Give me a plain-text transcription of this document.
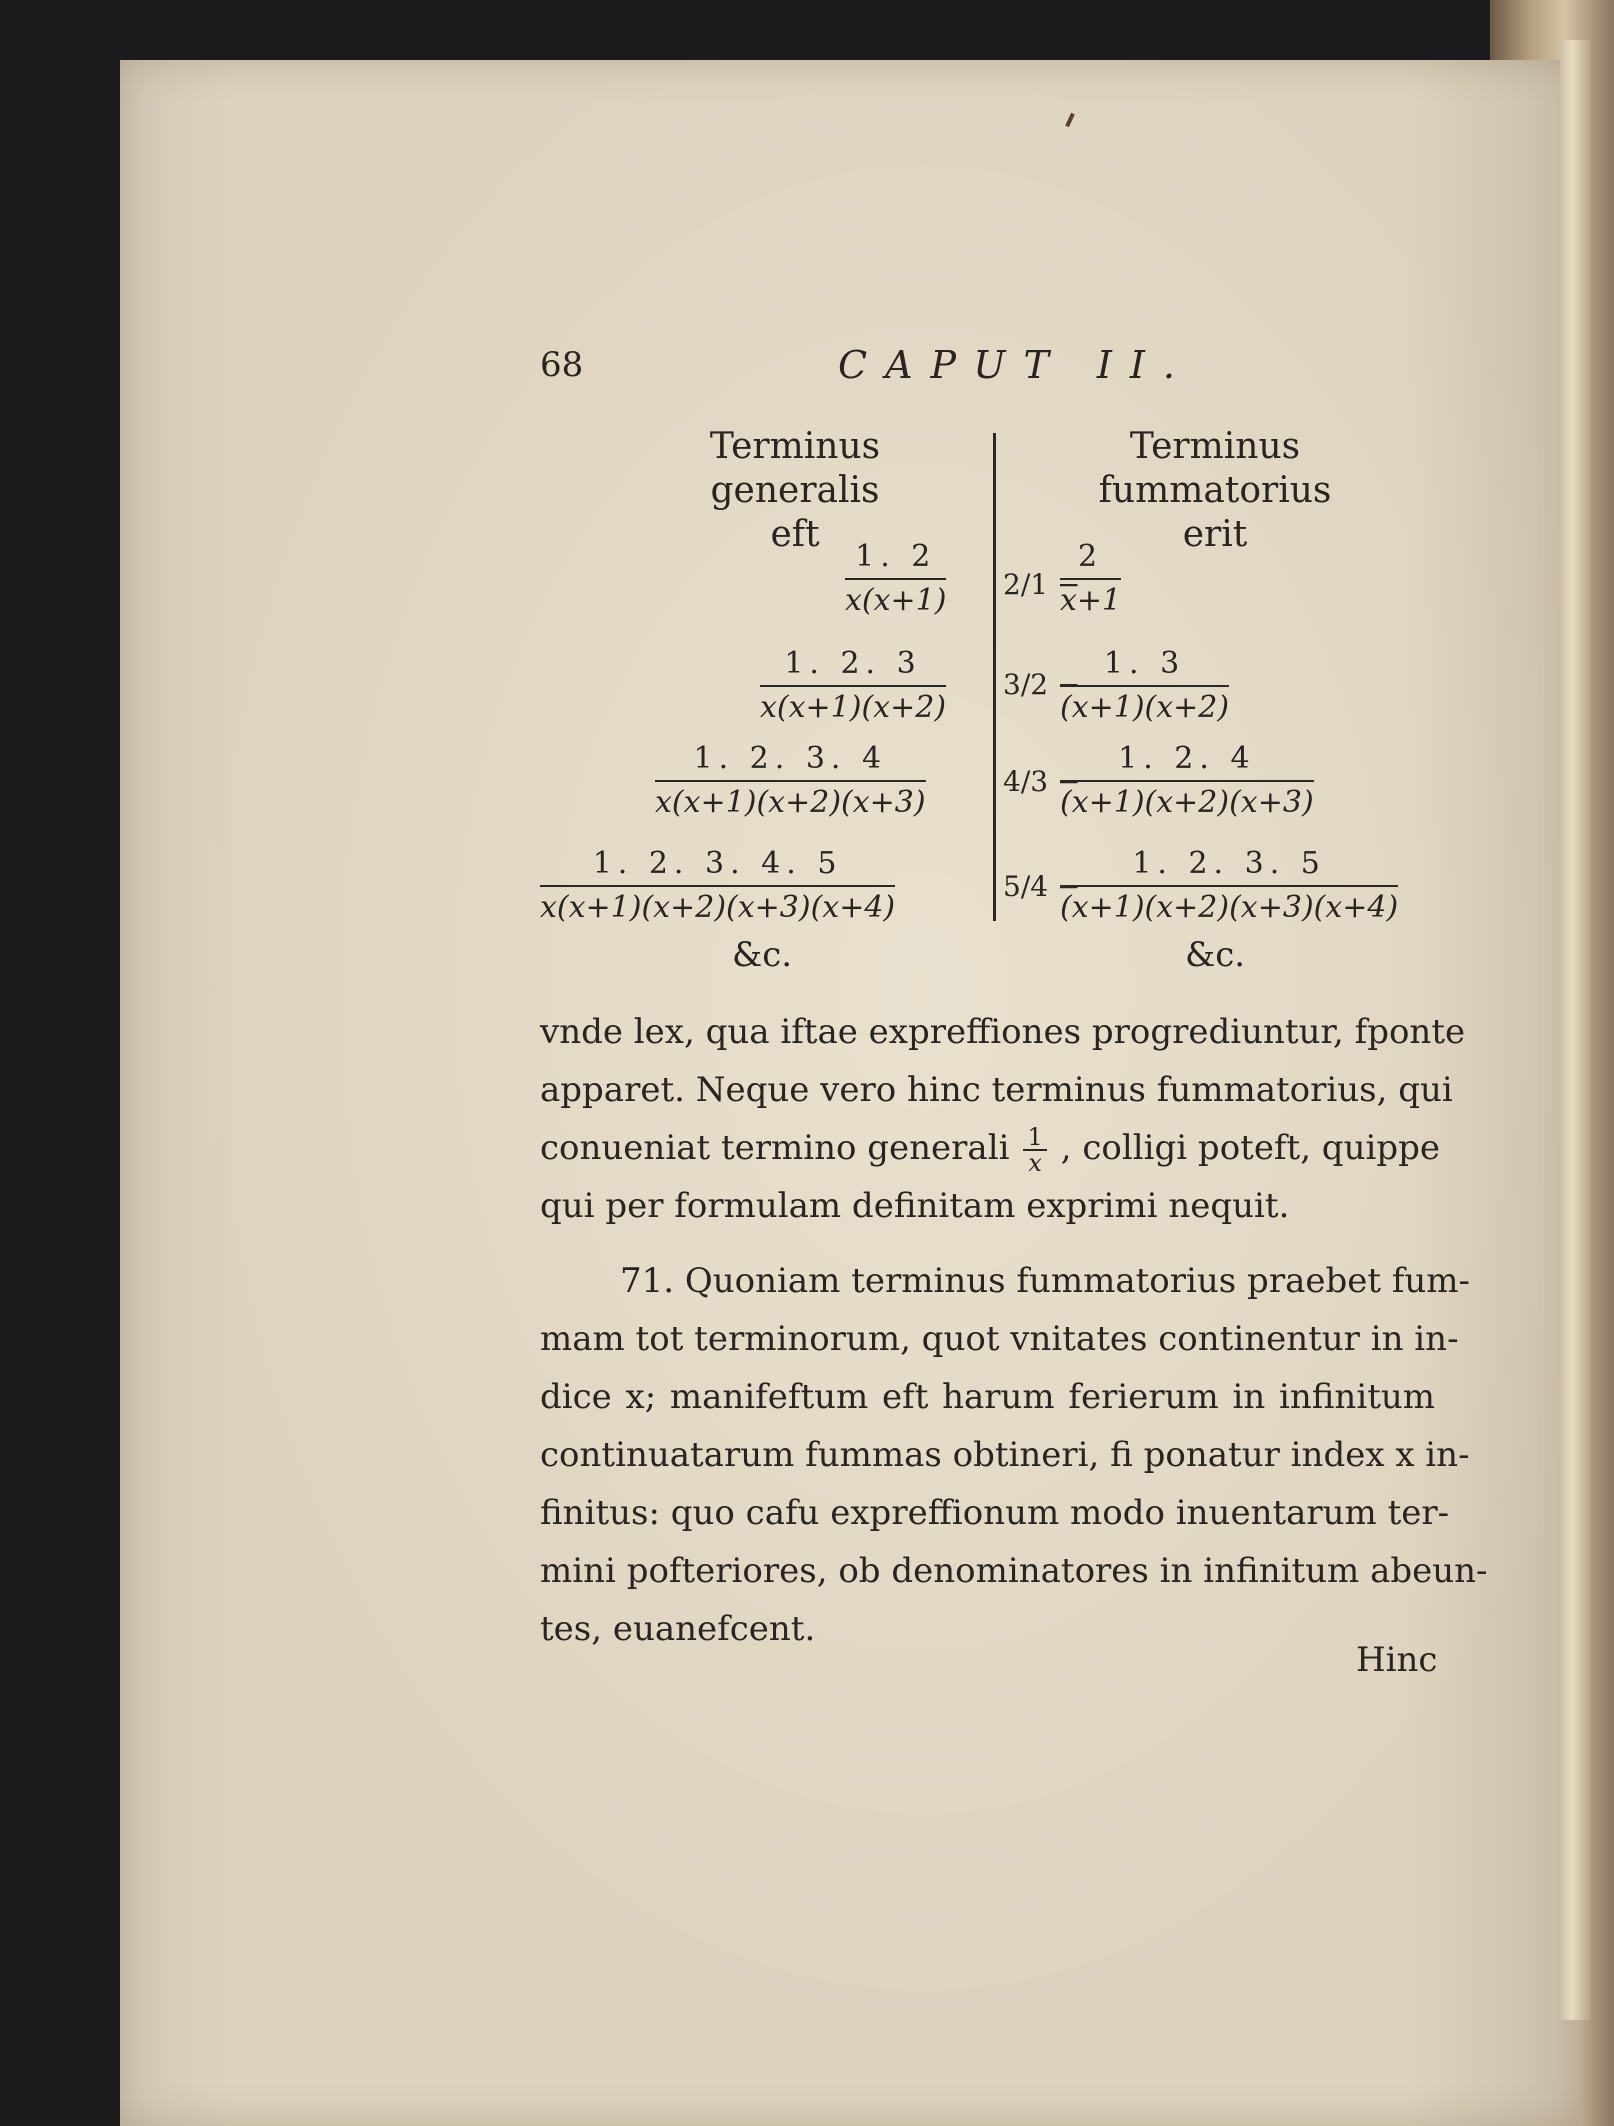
68	CAPUT II.
Terminus generalis
eft
Terminus fummatorius
erit
$\frac{1. 2}{x(x+1)}$
$\frac{1. 2. 3}{x(x+1)(x+2)}$
$\frac{1. 2. 3. 4}{x(x+1)(x+2)(x+3)}$
$\frac{1. 2. 3. 4. 5}{x(x+1)(x+2)(x+3)(x+4)}$
&c.
2/1 −
$\frac{2}{x+1}$
3/2 −
$\frac{1. 3}{(x+1)(x+2)}$
4/3 −
$\frac{1. 2. 4}{(x+1)(x+2)(x+3)}$
5/4 −
$\frac{1. 2. 3. 5}{(x+1)(x+2)(x+3)(x+4)}$
&c.
vnde lex, qua iftae expreffiones progrediuntur, fponte
apparet. Neque vero hinc terminus fummatorius, qui
conueniat termino generali $\frac{1}{x}$ , colligi poteft, quippe
qui per formulam definitam exprimi nequit.
71. Quoniam terminus fummatorius praebet fum-
mam tot terminorum, quot vnitates continentur in in-
dice x; manifeftum eft harum ferierum in infinitum
continuatarum fummas obtineri, fi ponatur index x in-
finitus: quo cafu expreffionum modo inuentarum ter-
mini pofteriores, ob denominatores in infinitum abeun-
tes, euanefcent.
Hinc
